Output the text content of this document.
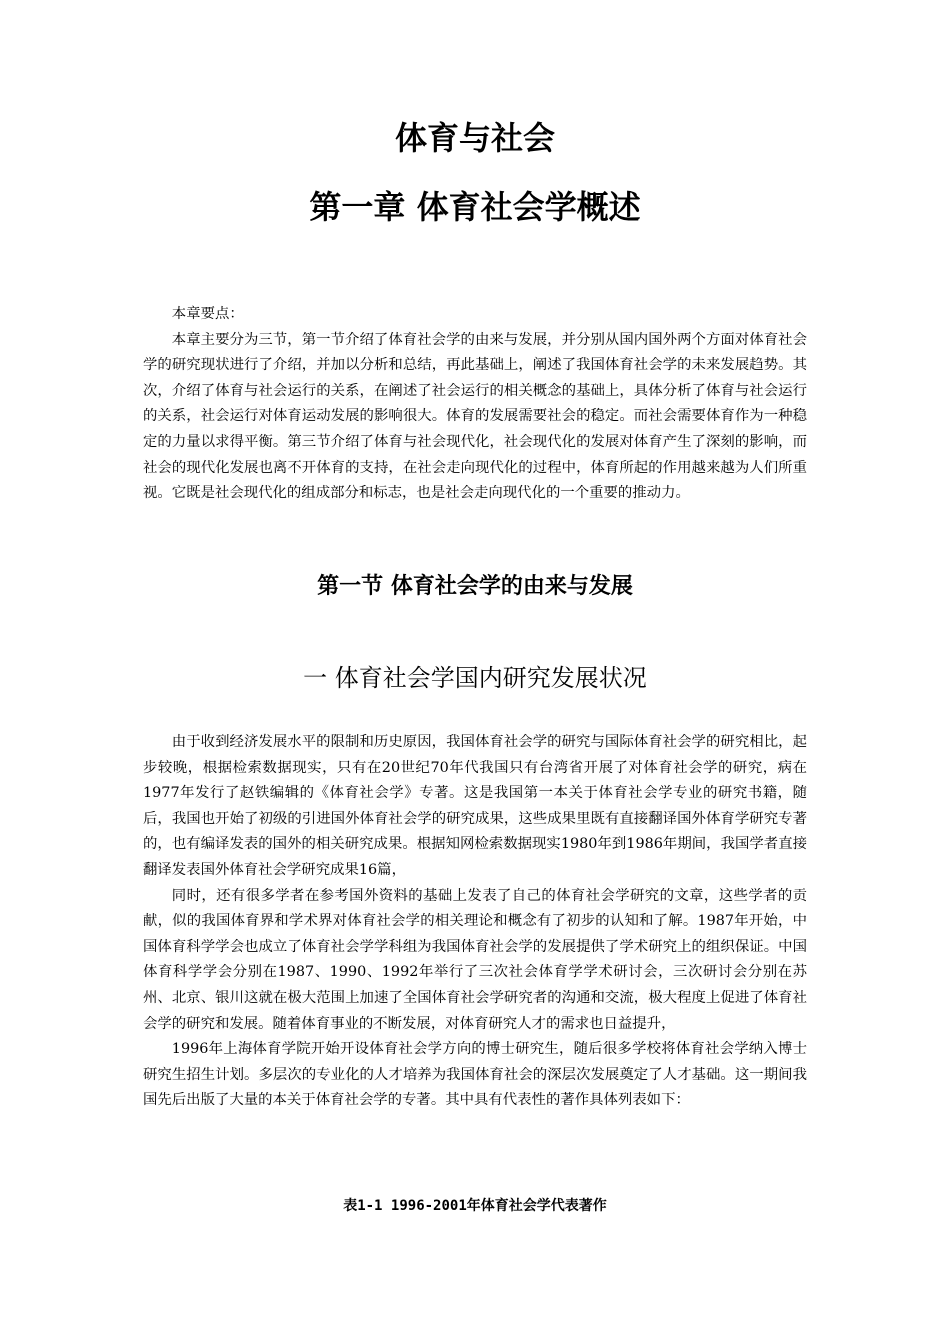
体育与社会
第一章 体育社会学概述

本章要点：

本章主要分为三节，第一节介绍了体育社会学的由来与发展，并分别从国内国外两个方面对体育社会学的研究现状进行了介绍，并加以分析和总结，再此基础上，阐述了我国体育社会学的未来发展趋势。其次，介绍了体育与社会运行的关系，在阐述了社会运行的相关概念的基础上，具体分析了体育与社会运行的关系，社会运行对体育运动发展的影响很大。体育的发展需要社会的稳定。而社会需要体育作为一种稳定的力量以求得平衡。第三节介绍了体育与社会现代化，社会现代化的发展对体育产生了深刻的影响，而社会的现代化发展也离不开体育的支持，在社会走向现代化的过程中，体育所起的作用越来越为人们所重视。它既是社会现代化的组成部分和标志，也是社会走向现代化的一个重要的推动力。

第一节 体育社会学的由来与发展
一 体育社会学国内研究发展状况

由于收到经济发展水平的限制和历史原因，我国体育社会学的研究与国际体育社会学的研究相比，起步较晚，根据检索数据现实，只有在20世纪70年代我国只有台湾省开展了对体育社会学的研究，病在1977年发行了赵铁编辑的《体育社会学》专著。这是我国第一本关于体育社会学专业的研究书籍，随后，我国也开始了初级的引进国外体育社会学的研究成果，这些成果里既有直接翻译国外体育学研究专著的，也有编译发表的国外的相关研究成果。根据知网检索数据现实1980年到1986年期间，我国学者直接翻译发表国外体育社会学研究成果16篇，

同时，还有很多学者在参考国外资料的基础上发表了自己的体育社会学研究的文章，这些学者的贡献，似的我国体育界和学术界对体育社会学的相关理论和概念有了初步的认知和了解。1987年开始，中国体育科学学会也成立了体育社会学学科组为我国体育社会学的发展提供了学术研究上的组织保证。中国体育科学学会分别在1987、1990、1992年举行了三次社会体育学学术研讨会，三次研讨会分别在苏州、北京、银川这就在极大范围上加速了全国体育社会学研究者的沟通和交流，极大程度上促进了体育社会学的研究和发展。随着体育事业的不断发展，对体育研究人才的需求也日益提升，

1996年上海体育学院开始开设体育社会学方向的博士研究生，随后很多学校将体育社会学纳入博士研究生招生计划。多层次的专业化的人才培养为我国体育社会的深层次发展奠定了人才基础。这一期间我国先后出版了大量的本关于体育社会学的专著。其中具有代表性的著作具体列表如下：

表1-1 1996-2001年体育社会学代表著作
